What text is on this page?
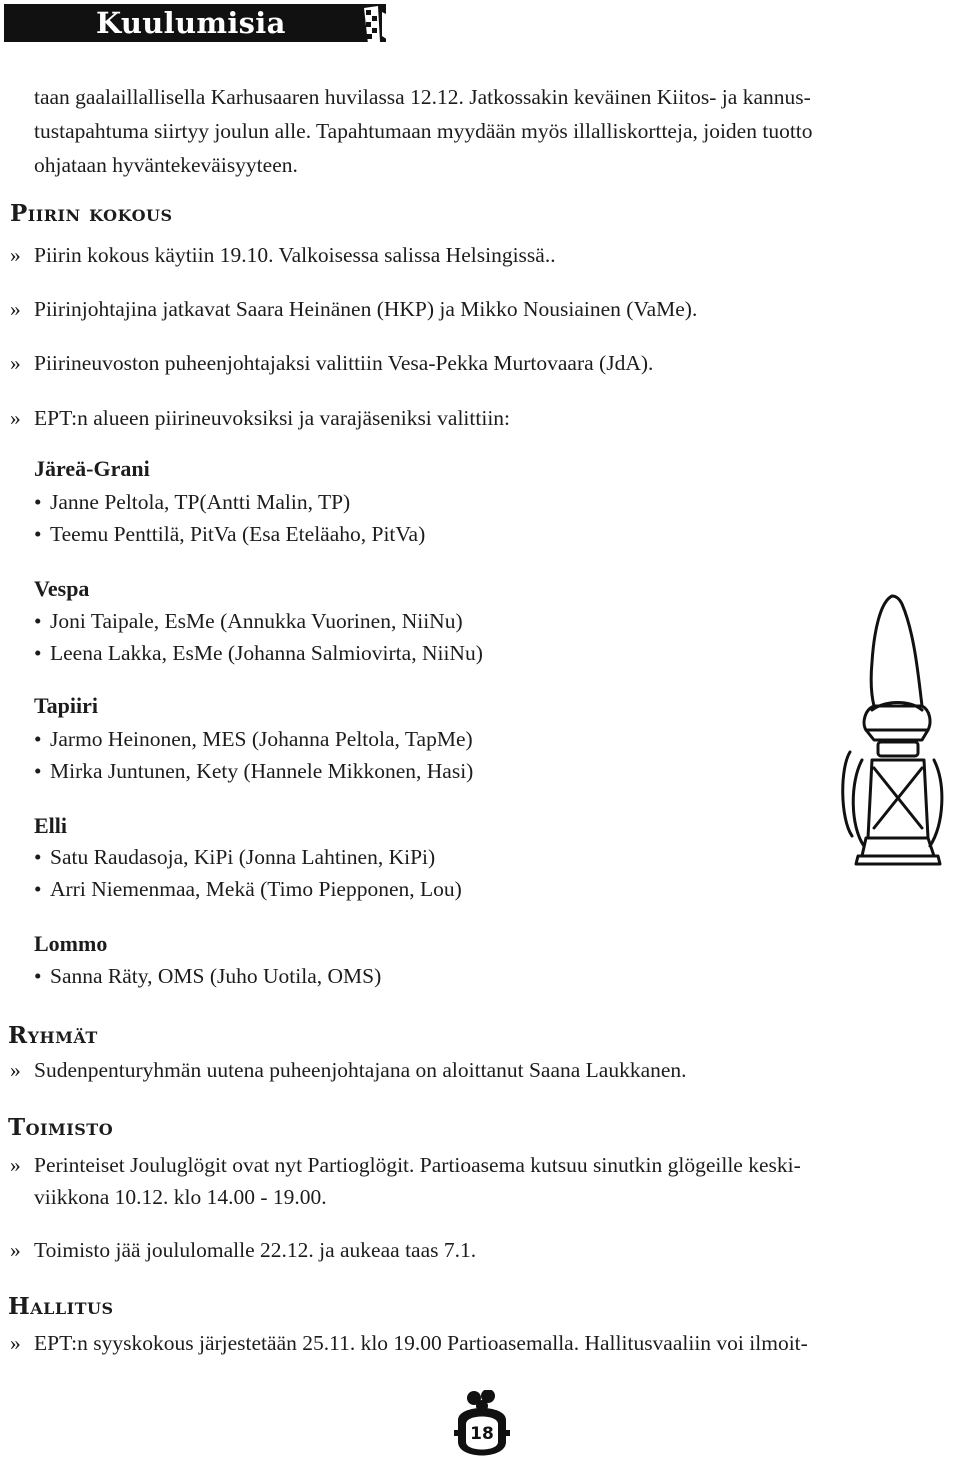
Kuulumisia
taan gaalaillallisella Karhusaaren huvilassa 12.12. Jatkossakin keväinen Kiitos- ja kannus-
tustapahtuma siirtyy joulun alle. Tapahtumaan myydään myös illalliskortteja, joiden tuotto
ohjataan hyväntekeväisyyteen.
Piirin kokous
» Piirin kokous käytiin 19.10. Valkoisessa salissa Helsingissä..
» Piirinjohtajina jatkavat Saara Heinänen (HKP) ja Mikko Nousiainen (VaMe).
» Piirineuvoston puheenjohtajaksi valittiin Vesa-Pekka Murtovaara (JdA).
» EPT:n alueen piirineuvoksiksi ja varajäseniksi valittiin:
Järeä-Grani
• Janne Peltola, TP(Antti Malin, TP)
• Teemu Penttilä, PitVa (Esa Eteläaho, PitVa)
Vespa
• Joni Taipale, EsMe (Annukka Vuorinen, NiiNu)
• Leena Lakka, EsMe (Johanna Salmiovirta, NiiNu)
Tapiiri
• Jarmo Heinonen, MES (Johanna Peltola, TapMe)
• Mirka Juntunen, Kety (Hannele Mikkonen, Hasi)
Elli
• Satu Raudasoja, KiPi (Jonna Lahtinen, KiPi)
• Arri Niemenmaa, Mekä (Timo Piepponen, Lou)
Lommo
• Sanna Räty, OMS (Juho Uotila, OMS)
Ryhmät
» Sudenpenturyhmän uutena puheenjohtajana on aloittanut Saana Laukkanen.
Toimisto
» Perinteiset Jouluglögit ovat nyt Partioglögit. Partioasema kutsuu sinutkin glögeille keski-
viikkona 10.12. klo 14.00 - 19.00.
» Toimisto jää joululomalle 22.12. ja aukeaa taas 7.1.
Hallitus
» EPT:n syyskokous järjestetään 25.11. klo 19.00 Partioasemalla. Hallitusvaaliin voi ilmoit-
18
